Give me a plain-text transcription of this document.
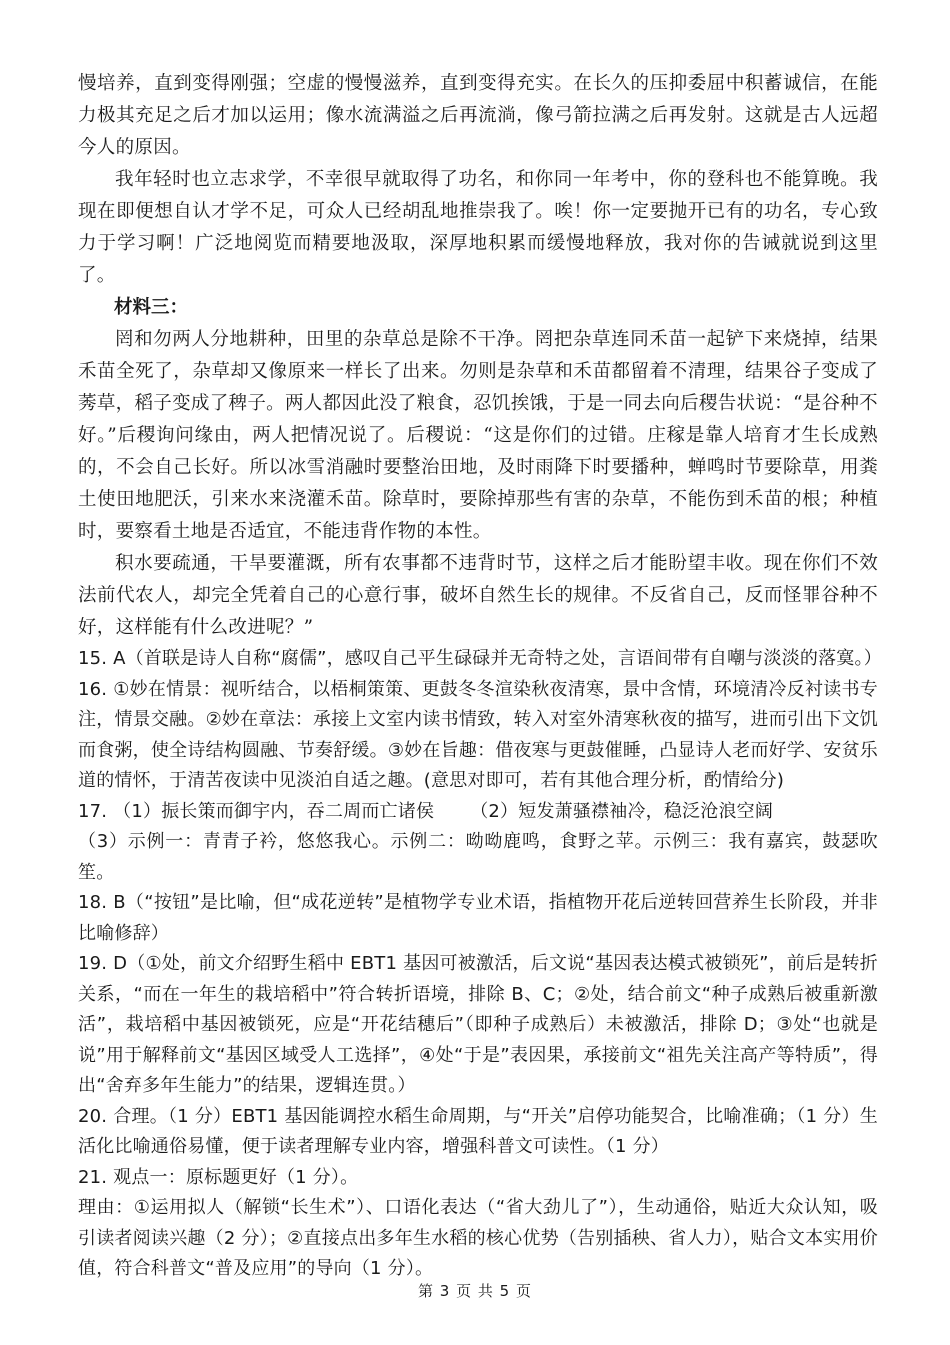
慢培养，直到变得刚强；空虚的慢慢滋养，直到变得充实。在长久的压抑委屈中积蓄诚信，在能力极其充足之后才加以运用；像水流满溢之后再流淌，像弓箭拉满之后再发射。这就是古人远超今人的原因。

我年轻时也立志求学，不幸很早就取得了功名，和你同一年考中，你的登科也不能算晚。我现在即便想自认才学不足，可众人已经胡乱地推崇我了。唉！你一定要抛开已有的功名，专心致力于学习啊！广泛地阅览而精要地汲取，深厚地积累而缓慢地释放，我对你的告诫就说到这里了。

材料三：

罔和勿两人分地耕种，田里的杂草总是除不干净。罔把杂草连同禾苗一起铲下来烧掉，结果禾苗全死了，杂草却又像原来一样长了出来。勿则是杂草和禾苗都留着不清理，结果谷子变成了莠草，稻子变成了稗子。两人都因此没了粮食，忍饥挨饿，于是一同去向后稷告状说：“是谷种不好。”后稷询问缘由，两人把情况说了。后稷说：“这是你们的过错。庄稼是靠人培育才生长成熟的，不会自己长好。所以冰雪消融时要整治田地，及时雨降下时要播种，蝉鸣时节要除草，用粪土使田地肥沃，引来水来浇灌禾苗。除草时，要除掉那些有害的杂草，不能伤到禾苗的根；种植时，要察看土地是否适宜，不能违背作物的本性。

积水要疏通，干旱要灌溉，所有农事都不违背时节，这样之后才能盼望丰收。现在你们不效法前代农人，却完全凭着自己的心意行事，破坏自然生长的规律。不反省自己，反而怪罪谷种不好，这样能有什么改进呢？”

15. A（首联是诗人自称“腐儒”，感叹自己平生碌碌并无奇特之处，言语间带有自嘲与淡淡的落寞。）

16. ①妙在情景：视听结合，以梧桐策策、更鼓冬冬渲染秋夜清寒，景中含情，环境清冷反衬读书专注，情景交融。②妙在章法：承接上文室内读书情致，转入对室外清寒秋夜的描写，进而引出下文饥而食粥，使全诗结构圆融、节奏舒缓。③妙在旨趣：借夜寒与更鼓催睡，凸显诗人老而好学、安贫乐道的情怀，于清苦夜读中见淡泊自适之趣。(意思对即可，若有其他合理分析，酌情给分)

17. （1）振长策而御宇内，吞二周而亡诸侯 （2）短发萧骚襟袖冷，稳泛沧浪空阔

（3）示例一：青青子衿，悠悠我心。示例二：呦呦鹿鸣，食野之苹。示例三：我有嘉宾，鼓瑟吹笙。

18. B（“按钮”是比喻，但“成花逆转”是植物学专业术语，指植物开花后逆转回营养生长阶段，并非比喻修辞）

19. D（①处，前文介绍野生稻中 EBT1 基因可被激活，后文说“基因表达模式被锁死”，前后是转折关系，“而在一年生的栽培稻中”符合转折语境，排除 B、C；②处，结合前文“种子成熟后被重新激活”，栽培稻中基因被锁死，应是“开花结穗后”（即种子成熟后）未被激活，排除 D；③处“也就是说”用于解释前文“基因区域受人工选择”，④处“于是”表因果，承接前文“祖先关注高产等特质”，得出“舍弃多年生能力”的结果，逻辑连贯。）

20. 合理。（1 分）EBT1 基因能调控水稻生命周期，与“开关”启停功能契合，比喻准确；（1 分）生活化比喻通俗易懂，便于读者理解专业内容，增强科普文可读性。（1 分）

21. 观点一：原标题更好（1 分）。

理由：①运用拟人（解锁“长生术”）、口语化表达（“省大劲儿了”），生动通俗，贴近大众认知，吸引读者阅读兴趣（2 分）；②直接点出多年生水稻的核心优势（告别插秧、省人力），贴合文本实用价值，符合科普文“普及应用”的导向（1 分）。

第 3 页 共 5 页
